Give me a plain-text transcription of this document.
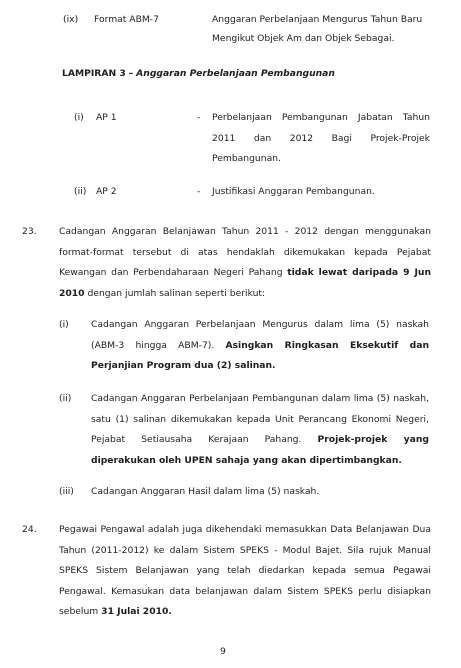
(ix) Format ABM-7	Anggaran Perbelanjaan Mengurus Tahun Baru
Mengikut Objek Am dan Objek Sebagai.
LAMPIRAN 3 – Anggaran Perbelanjaan Pembangunan
(i) AP 1	- Perbelanjaan Pembangunan Jabatan Tahun
2011 dan 2012 Bagi Projek-Projek
Pembangunan.
(ii) AP 2	- Justifikasi Anggaran Pembangunan.
23. Cadangan Anggaran Belanjawan Tahun 2011 - 2012 dengan menggunakan
format-format tersebut di atas hendaklah dikemukakan kepada Pejabat
Kewangan dan Perbendaharaan Negeri Pahang tidak lewat daripada 9 Jun
2010 dengan jumlah salinan seperti berikut:
(i) Cadangan Anggaran Perbelanjaan Mengurus dalam lima (5) naskah
(ABM-3 hingga ABM-7). Asingkan Ringkasan Eksekutif dan
Perjanjian Program dua (2) salinan.
(ii) Cadangan Anggaran Perbelanjaan Pembangunan dalam lima (5) naskah,
satu (1) salinan dikemukakan kepada Unit Perancang Ekonomi Negeri,
Pejabat Setiausaha Kerajaan Pahang. Projek-projek yang
diperakukan oleh UPEN sahaja yang akan dipertimbangkan.
(iii) Cadangan Anggaran Hasil dalam lima (5) naskah.
24. Pegawai Pengawal adalah juga dikehendaki memasukkan Data Belanjawan Dua
Tahun (2011-2012) ke dalam Sistem SPEKS - Modul Bajet. Sila rujuk Manual
SPEKS Sistem Belanjawan yang telah diedarkan kepada semua Pegawai
Pengawal. Kemasukan data belanjawan dalam Sistem SPEKS perlu disiapkan
sebelum 31 Julai 2010.
9
